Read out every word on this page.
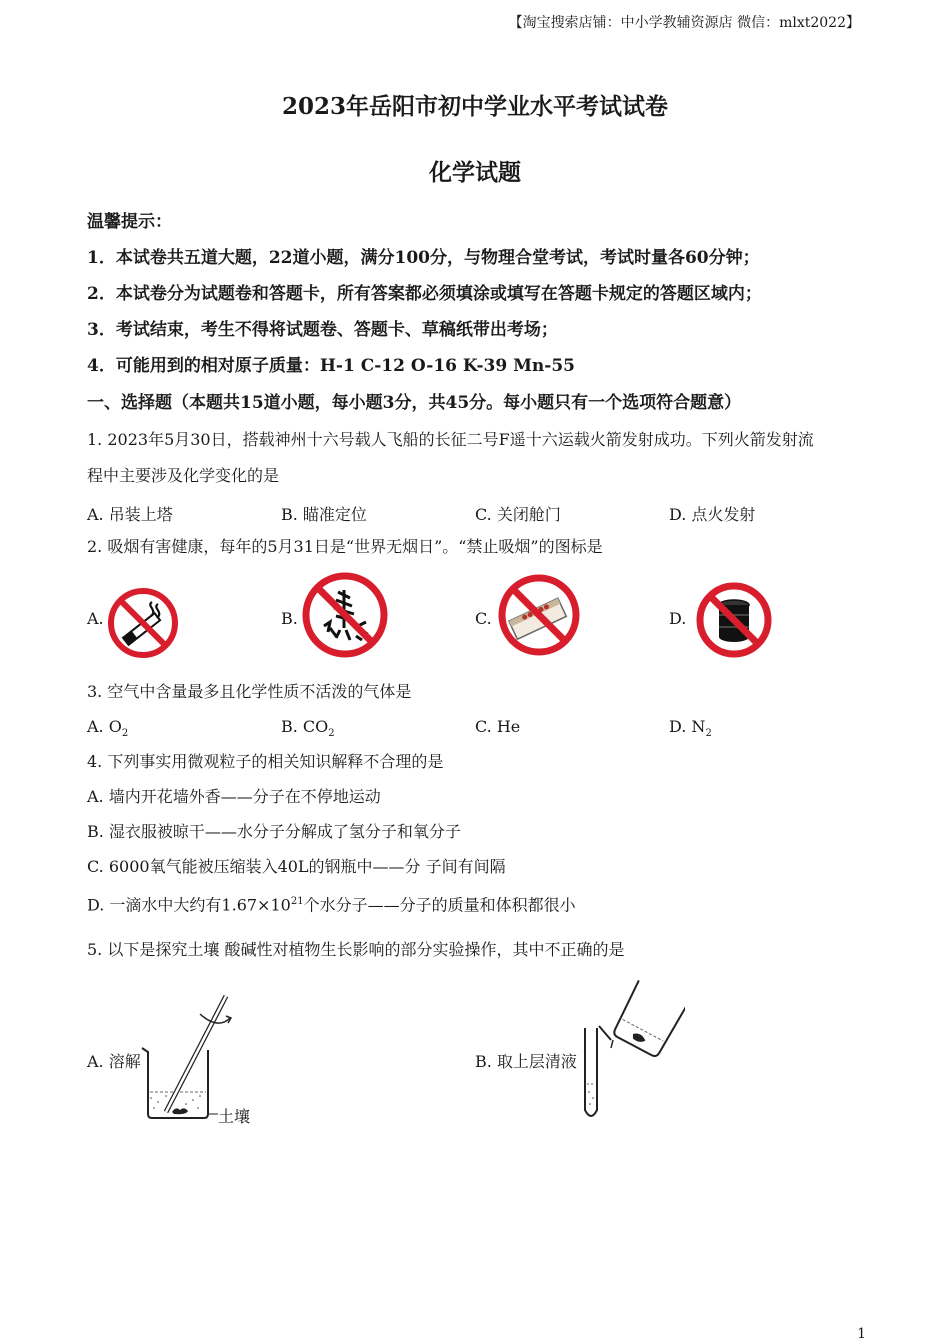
【淘宝搜索店铺：中小学教辅资源店 微信：mlxt2022】
2023年岳阳市初中学业水平考试试卷
化学试题
温馨提示：
1．本试卷共五道大题，22道小题，满分100分，与物理合堂考试，考试时量各60分钟；
2．本试卷分为试题卷和答题卡，所有答案都必须填涂或填写在答题卡规定的答题区域内；
3．考试结束，考生不得将试题卷、答题卡、草稿纸带出考场；
4．可能用到的相对原子质量：H-1 C-12 O-16 K-39 Mn-55
一、选择题（本题共15道小题，每小题3分，共45分。每小题只有一个选项符合题意）
1. 2023年5月30日，搭载神州十六号载人飞船的长征二号F遥十六运载火箭发射成功。下列火箭发射流
程中主要涉及化学变化的是
A. 吊装上塔	B. 瞄准定位	C. 关闭舱门	D. 点火发射
2. 吸烟有害健康，每年的5月31日是“世界无烟日”。“禁止吸烟”的图标是
A.	B.	C.	D.
3. 空气中含量最多且化学性质不活泼的气体是
A. $O_2$	B. $CO_2$	C. He	D. $N_2$
4. 下列事实用微观粒子的相关知识解释不合理的是
A. 墙内开花墙外香——分子在不停地运动
B. 湿衣服被晾干——水分子分解成了氢分子和氧分子
C. 6000氧气能被压缩装入40L的钢瓶中——分 子间有间隔
D. 一滴水中大约有$1.67\times 10^{21}$个水分子——分子的质量和体积都很小
5. 以下是探究土壤 酸碱性对植物生长影响的部分实验操作，其中不正确的是
A. 溶解	B. 取上层清液
土壤
1
